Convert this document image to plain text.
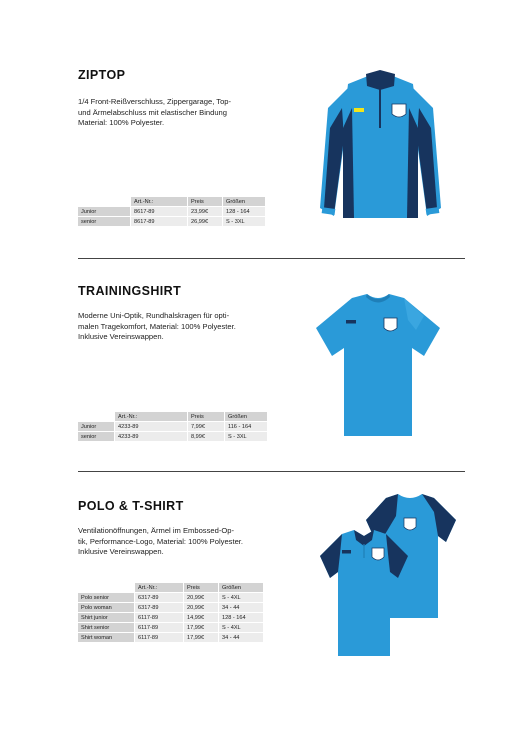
ZIPTOP
1/4 Front-Reißverschluss, Zippergarage, Top-
und Ärmelabschluss mit elastischer Bindung
Material: 100% Polyester.
	Art.-Nr.:	Preis	Größen
Junior	8617-89	23,99€	128 - 164
senior	8617-89	26,99€	S - 3XL
TRAININGSHIRT
Moderne Uni-Optik, Rundhalskragen für opti-
malen Tragekomfort, Material: 100% Polyester.
Inklusive Vereinswappen.
	Art.-Nr.:	Preis	Größen
Junior	4233-89	7,99€	116 - 164
senior	4233-89	8,99€	S - 3XL
POLO & T-SHIRT
Ventilationöffnungen, Ärmel im Embossed-Op-
tik, Performance-Logo, Material: 100% Polyester.
Inklusive Vereinswappen.
	Art.-Nr.:	Preis	Größen
Polo senior	6317-89	20,99€	S - 4XL
Polo woman	6317-89	20,99€	34 - 44
Shirt junior	6117-89	14,99€	128 - 164
Shirt senior	6117-89	17,99€	S - 4XL
Shirt woman	6117-89	17,99€	34 - 44
